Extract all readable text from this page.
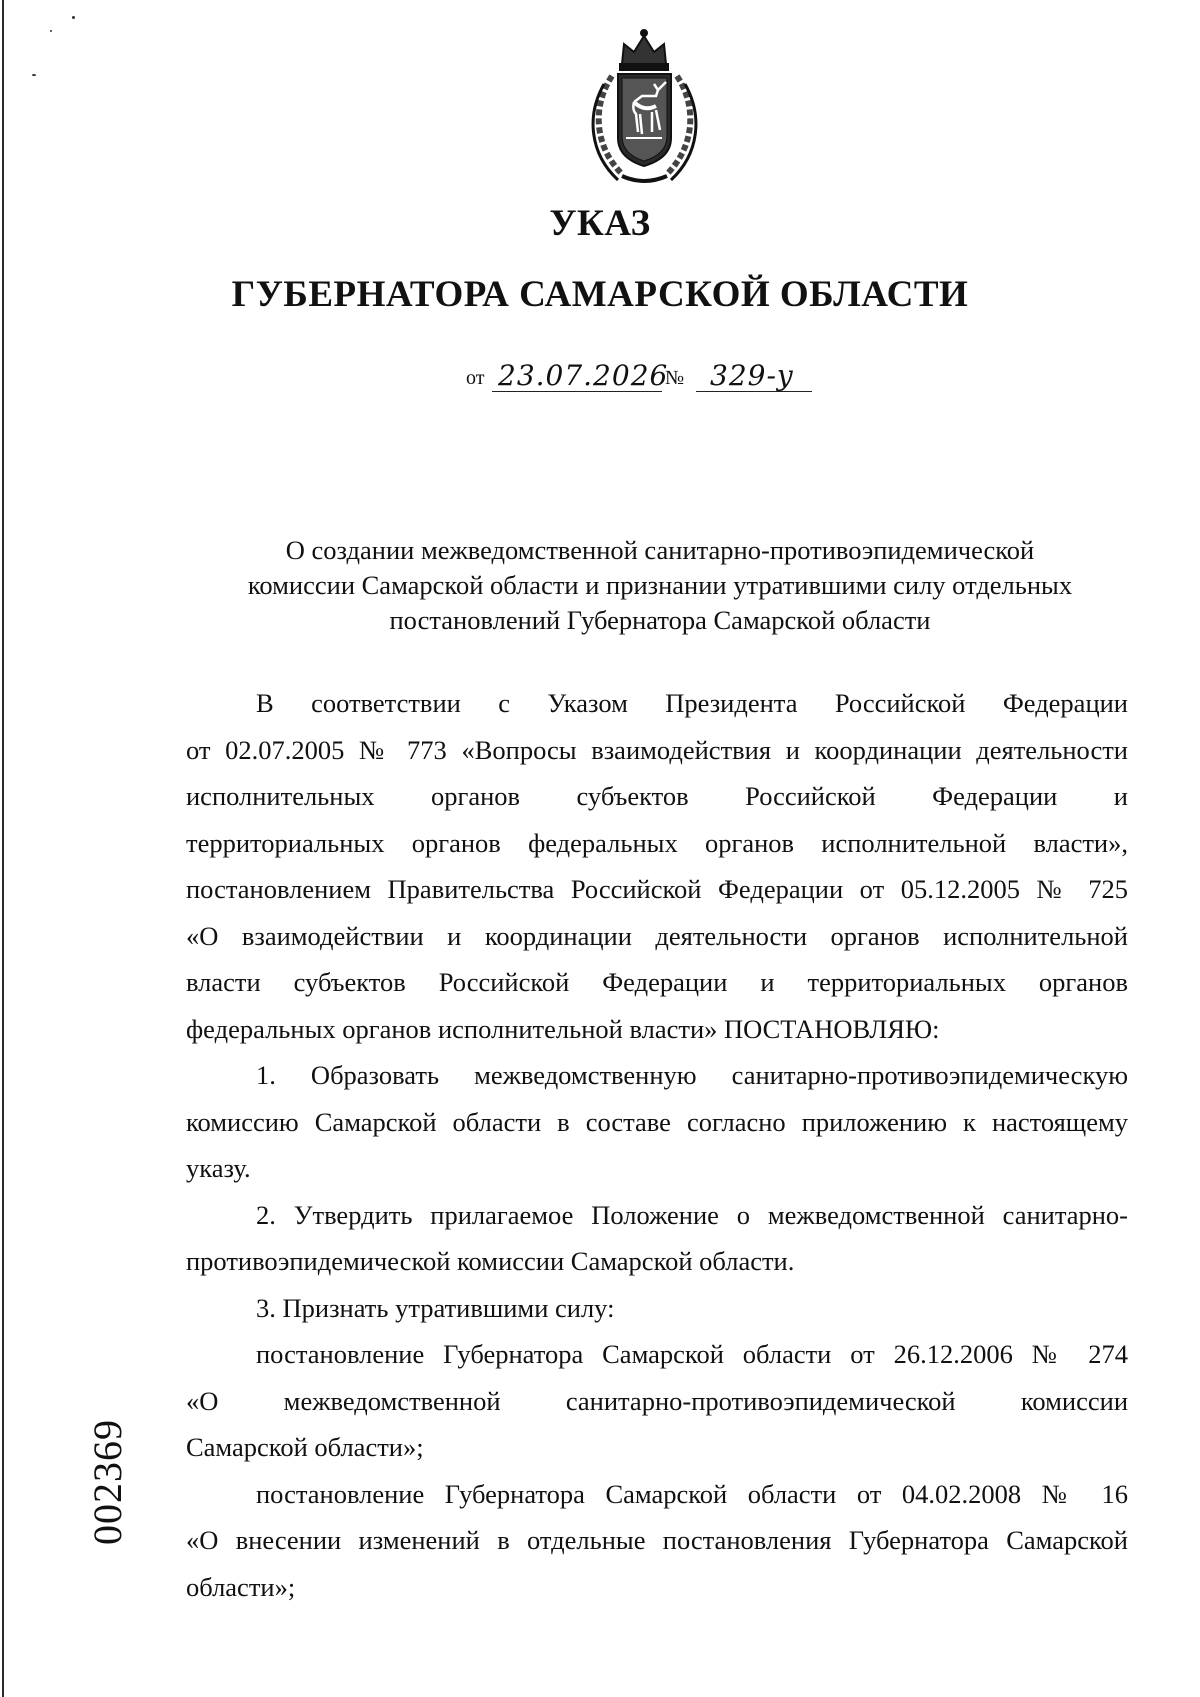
УКАЗ
ГУБЕРНАТОРА САМАРСКОЙ ОБЛАСТИ
от 23.07.2026
№ 329-у
О создании межведомственной санитарно-противоэпидемической
комиссии Самарской области и признании утратившими силу отдельных
постановлений Губернатора Самарской области

В соответствии с Указом Президента Российской Федерации

от 02.07.2005 № 773 «Вопросы взаимодействия и координации деятельности

исполнительных органов субъектов Российской Федерации и

территориальных органов федеральных органов исполнительной власти»,

постановлением Правительства Российской Федерации от 05.12.2005 № 725

«О взаимодействии и координации деятельности органов исполнительной

власти субъектов Российской Федерации и территориальных органов

федеральных органов исполнительной власти» ПОСТАНОВЛЯЮ:

1. Образовать межведомственную санитарно-противоэпидемическую

комиссию Самарской области в составе согласно приложению к настоящему

указу.

2. Утвердить прилагаемое Положение о межведомственной санитарно-

противоэпидемической комиссии Самарской области.

3. Признать утратившими силу:

постановление Губернатора Самарской области от 26.12.2006 № 274

«О межведомственной санитарно-противоэпидемической комиссии

Самарской области»;

постановление Губернатора Самарской области от 04.02.2008 № 16

«О внесении изменений в отдельные постановления Губернатора Самарской

области»;

002369
